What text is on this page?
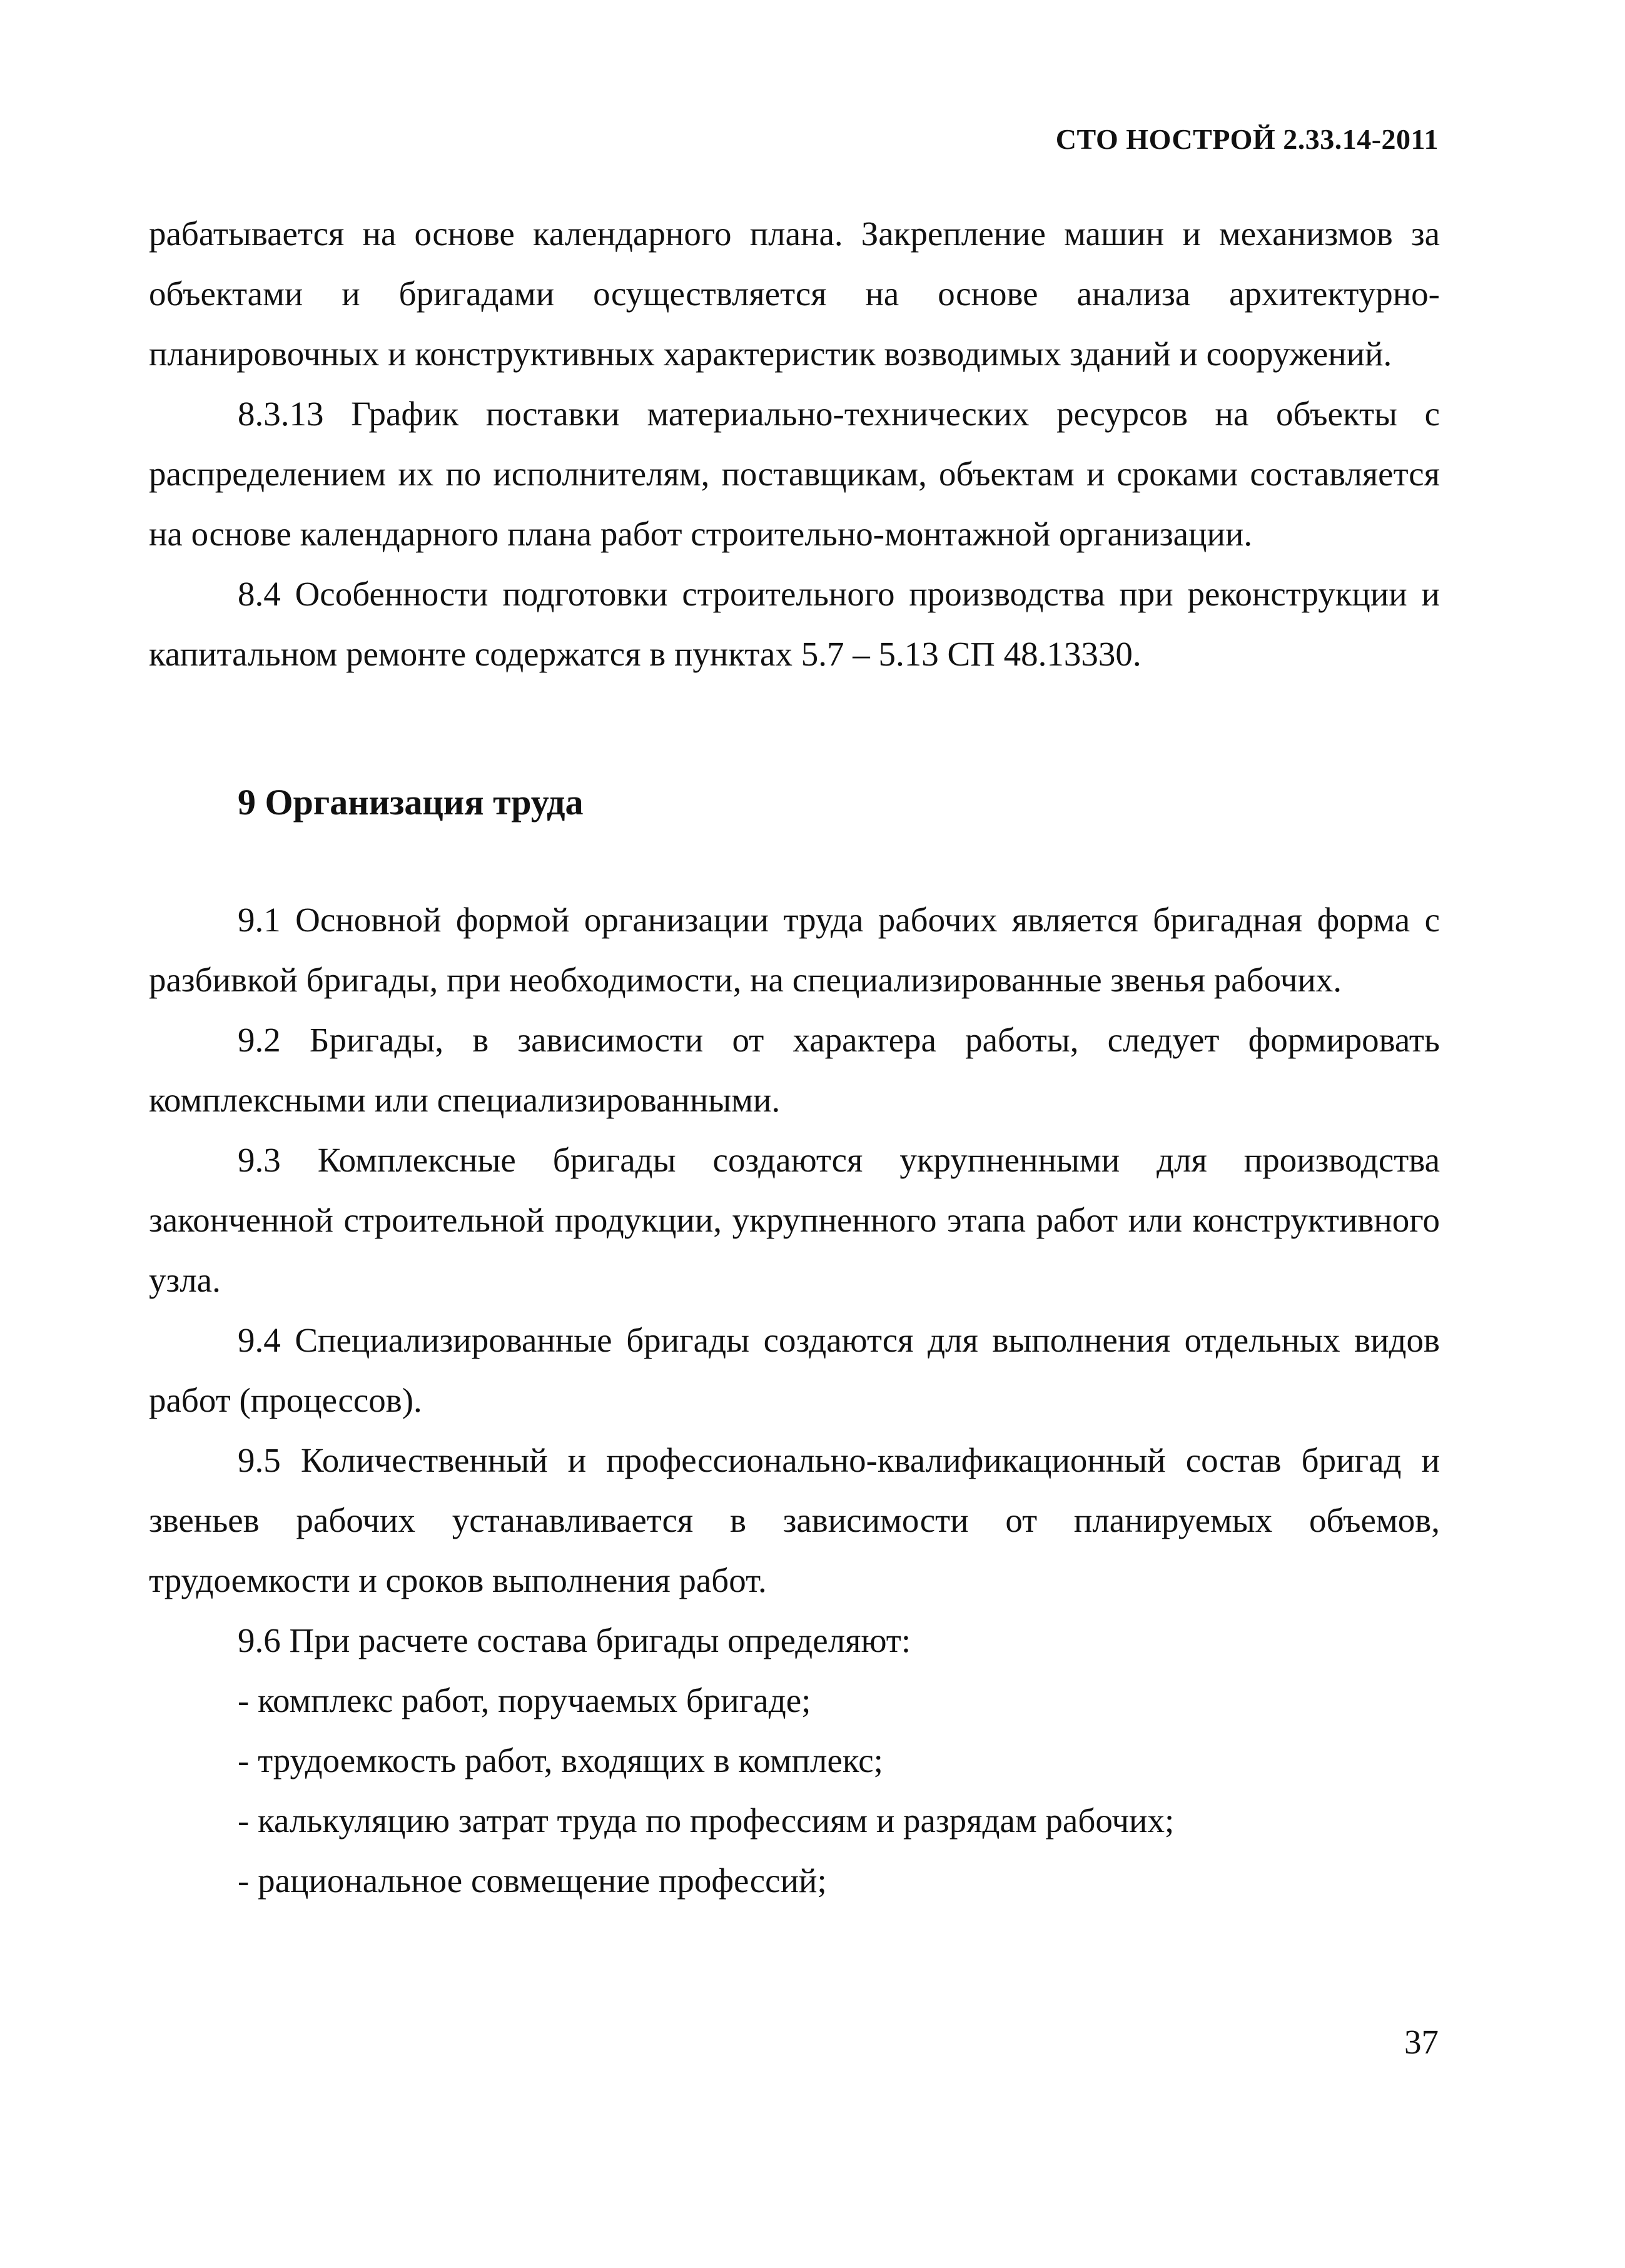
СТО НОСТРОЙ 2.33.14-2011

рабатывается на основе календарного плана. Закрепление машин и механизмов за объектами и бригадами осуществляется на основе анализа архитектурно-планировочных и конструктивных характеристик возводимых зданий и сооружений.

8.3.13 График поставки материально-технических ресурсов на объекты с распределением их по исполнителям, поставщикам, объектам и сроками составляется на основе календарного плана работ строительно-монтажной организации.

8.4 Особенности подготовки строительного производства при реконструкции и капитальном ремонте содержатся в пунктах 5.7 – 5.13 СП 48.13330.

9 Организация труда

9.1 Основной формой организации труда рабочих является бригадная форма с разбивкой бригады, при необходимости, на специализированные звенья рабочих.

9.2 Бригады, в зависимости от характера работы, следует формировать комплексными или специализированными.

9.3 Комплексные бригады создаются укрупненными для производства законченной строительной продукции, укрупненного этапа работ или конструктивного узла.

9.4 Специализированные бригады создаются для выполнения отдельных видов работ (процессов).

9.5 Количественный и профессионально-квалификационный состав бригад и звеньев рабочих устанавливается в зависимости от планируемых объемов, трудоемкости и сроков выполнения работ.

9.6 При расчете состава бригады определяют:

- комплекс работ, поручаемых бригаде;

- трудоемкость работ, входящих в комплекс;

- калькуляцию затрат труда по профессиям и разрядам рабочих;

- рациональное совмещение профессий;

37
